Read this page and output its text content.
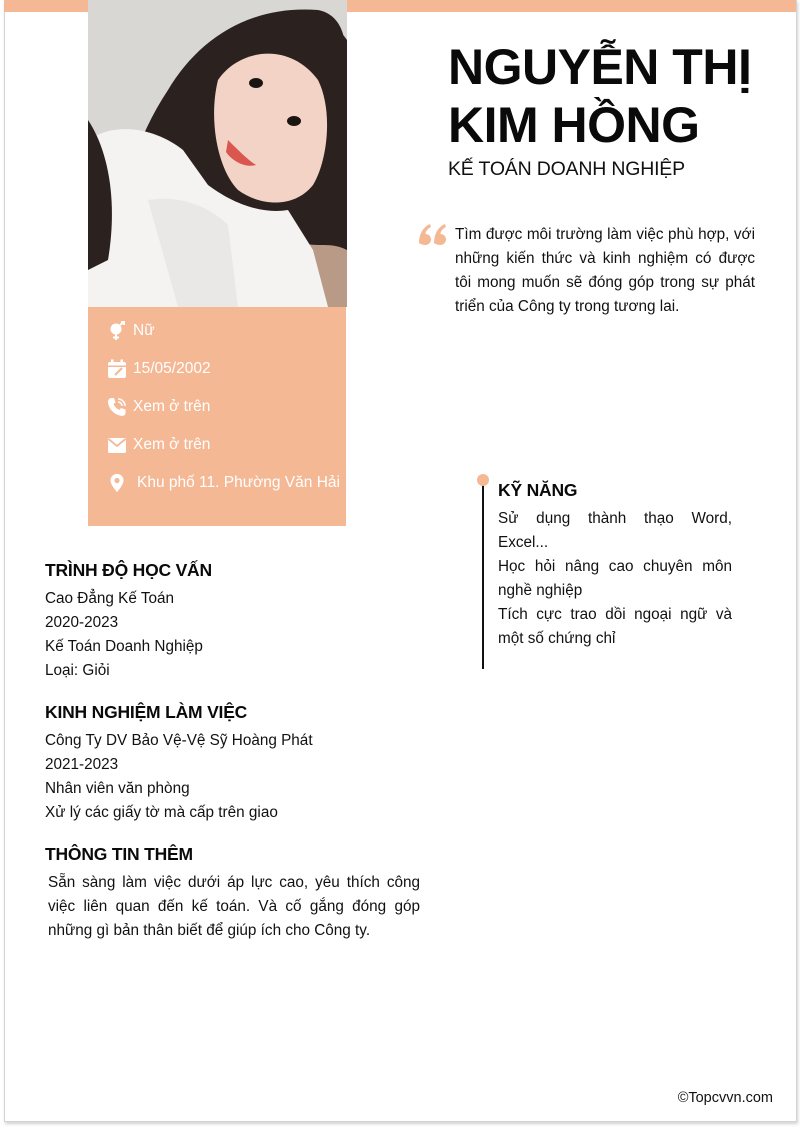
Nữ
15/05/2002
Xem ở trên
Xem ở trên
Khu phố 11. Phường Văn Hải
NGUYỄN THỊ
KIM HỒNG
KẾ TOÁN DOANH NGHIỆP
Tìm được môi trường làm việc phù hợp, với những kiến thức và kinh nghiệm có được tôi mong muốn sẽ đóng góp trong sự phát triển của Công ty trong tương lai.
KỸ NĂNG
Sử dụng thành thạo Word, Excel...
Học hỏi nâng cao chuyên môn nghề nghiệp
Tích cực trao dồi ngoại ngữ và một số chứng chỉ
TRÌNH ĐỘ HỌC VẤN
Cao Đẳng Kế Toán
2020-2023
Kế Toán Doanh Nghiệp
Loại: Giỏi
KINH NGHIỆM LÀM VIỆC
Công Ty DV Bảo Vệ-Vệ Sỹ Hoàng Phát
2021-2023
Nhân viên văn phòng
Xử lý các giấy tờ mà cấp trên giao
THÔNG TIN THÊM
Sẵn sàng làm việc dưới áp lực cao, yêu thích công việc liên quan đến kế toán. Và cố gắng đóng góp những gì bản thân biết để giúp ích cho Công ty.
©Topcvvn.com
